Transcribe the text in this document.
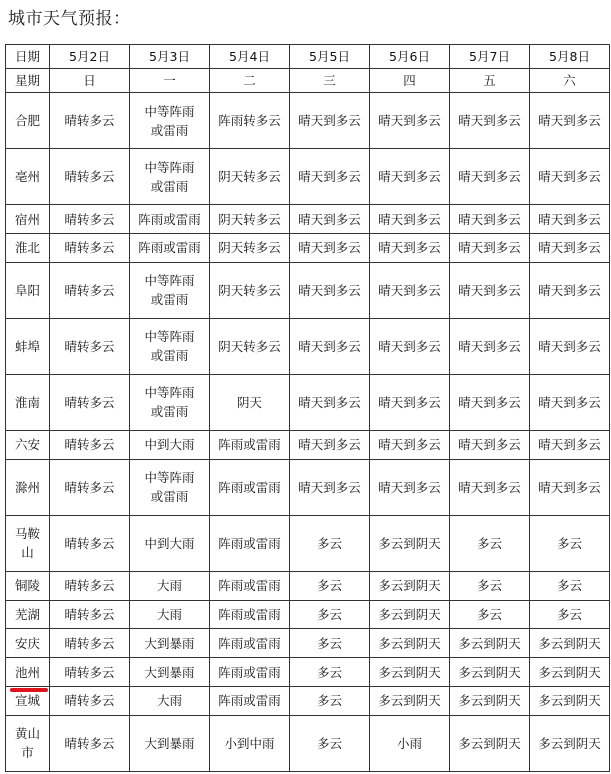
城市天气预报：
日期	5月2日	5月3日	5月4日	5月5日	5月6日	5月7日	5月8日
星期	日	一	二	三	四	五	六
合肥	晴转多云	中等阵雨或雷雨	阵雨转多云	晴天到多云	晴天到多云	晴天到多云	晴天到多云
亳州	晴转多云	中等阵雨或雷雨	阴天转多云	晴天到多云	晴天到多云	晴天到多云	晴天到多云
宿州	晴转多云	阵雨或雷雨	阴天转多云	晴天到多云	晴天到多云	晴天到多云	晴天到多云
淮北	晴转多云	阵雨或雷雨	阴天转多云	晴天到多云	晴天到多云	晴天到多云	晴天到多云
阜阳	晴转多云	中等阵雨或雷雨	阴天转多云	晴天到多云	晴天到多云	晴天到多云	晴天到多云
蚌埠	晴转多云	中等阵雨或雷雨	阴天转多云	晴天到多云	晴天到多云	晴天到多云	晴天到多云
淮南	晴转多云	中等阵雨或雷雨	阴天	晴天到多云	晴天到多云	晴天到多云	晴天到多云
六安	晴转多云	中到大雨	阵雨或雷雨	晴天到多云	晴天到多云	晴天到多云	晴天到多云
滁州	晴转多云	中等阵雨或雷雨	阵雨或雷雨	晴天到多云	晴天到多云	晴天到多云	晴天到多云
马鞍山	晴转多云	中到大雨	阵雨或雷雨	多云	多云到阴天	多云	多云
铜陵	晴转多云	大雨	阵雨或雷雨	多云	多云到阴天	多云	多云
芜湖	晴转多云	大雨	阵雨或雷雨	多云	多云到阴天	多云	多云
安庆	晴转多云	大到暴雨	阵雨或雷雨	多云	多云到阴天	多云到阴天	多云到阴天
池州	晴转多云	大到暴雨	阵雨或雷雨	多云	多云到阴天	多云到阴天	多云到阴天
宣城	晴转多云	大雨	阵雨或雷雨	多云	多云到阴天	多云到阴天	多云到阴天
黄山市	晴转多云	大到暴雨	小到中雨	多云	小雨	多云到阴天	多云到阴天
